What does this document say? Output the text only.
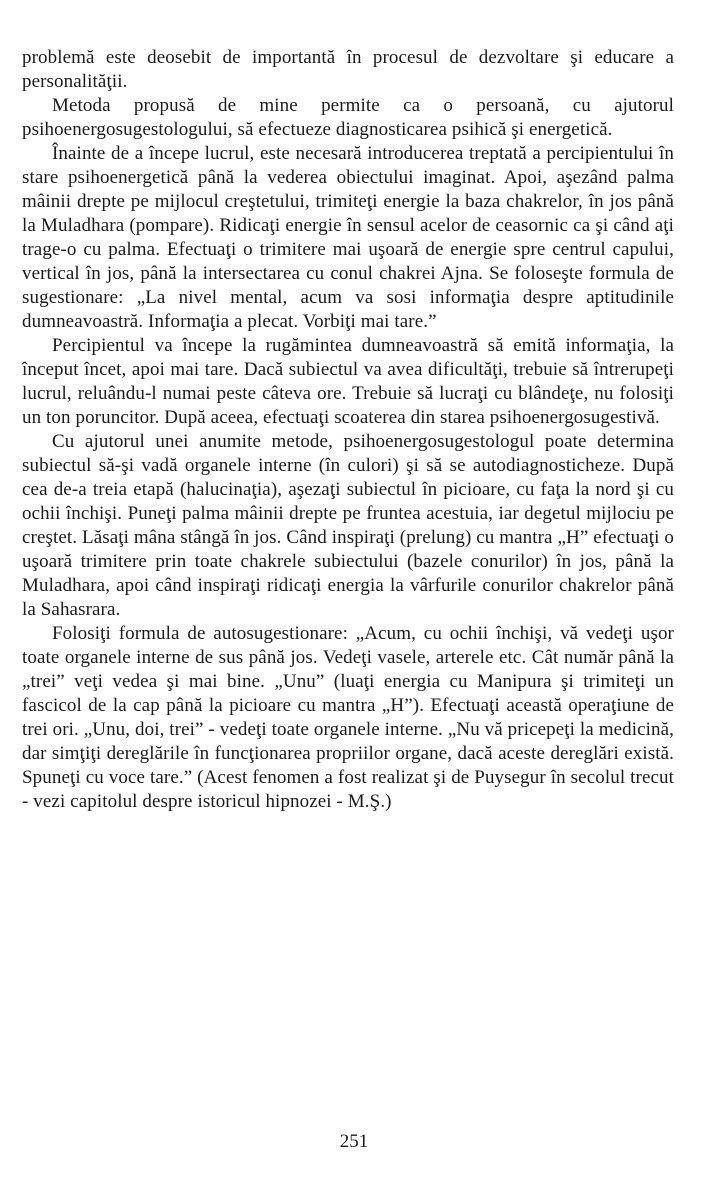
problemă este deosebit de importantă în procesul de dezvoltare şi educare a personalităţii.

Metoda propusă de mine permite ca o persoană, cu ajutorul psihoenergosugestologului, să efectueze diagnosticarea psihică şi energetică.

Înainte de a începe lucrul, este necesară introducerea treptată a percipientului în stare psihoenergetică până la vederea obiectului imaginat. Apoi, aşezând palma mâinii drepte pe mijlocul creştetului, trimiteţi energie la baza chakrelor, în jos până la Muladhara (pompare). Ridicaţi energie în sensul acelor de ceasornic ca şi când aţi trage-o cu palma. Efectuaţi o trimitere mai uşoară de energie spre centrul capului, vertical în jos, până la intersectarea cu conul chakrei Ajna. Se foloseşte formula de sugestionare: „La nivel mental, acum va sosi informaţia despre aptitudinile dumneavoastră. Informaţia a plecat. Vorbiţi mai tare.”

Percipientul va începe la rugămintea dumneavoastră să emită informaţia, la început încet, apoi mai tare. Dacă subiectul va avea dificultăţi, trebuie să întrerupeţi lucrul, reluându-l numai peste câteva ore. Trebuie să lucraţi cu blândeţe, nu folosiţi un ton poruncitor. După aceea, efectuaţi scoaterea din starea psihoenergosugestivă.

Cu ajutorul unei anumite metode, psihoenergosugestologul poate determina subiectul să-şi vadă organele interne (în culori) şi să se autodiagnosticheze. După cea de-a treia etapă (halucinaţia), aşezaţi subiectul în picioare, cu faţa la nord şi cu ochii închişi. Puneţi palma mâinii drepte pe fruntea acestuia, iar degetul mijlociu pe creştet. Lăsaţi mâna stângă în jos. Când inspiraţi (prelung) cu mantra „H” efectuaţi o uşoară trimitere prin toate chakrele subiectului (bazele conurilor) în jos, până la Muladhara, apoi când inspiraţi ridicaţi energia la vârfurile conurilor chakrelor până la Sahasrara.

Folosiţi formula de autosugestionare: „Acum, cu ochii închişi, vă vedeţi uşor toate organele interne de sus până jos. Vedeţi vasele, arterele etc. Cât număr până la „trei” veţi vedea şi mai bine. „Unu” (luaţi energia cu Manipura şi trimiteţi un fascicol de la cap până la picioare cu mantra „H”). Efectuaţi această operaţiune de trei ori. „Unu, doi, trei” - vedeţi toate organele interne. „Nu vă pricepeţi la medicină, dar simţiţi dereglările în funcţionarea propriilor organe, dacă aceste dereglări există. Spuneţi cu voce tare.” (Acest fenomen a fost realizat şi de Puysegur în secolul trecut - vezi capitolul despre istoricul hipnozei - M.Ş.)

251
